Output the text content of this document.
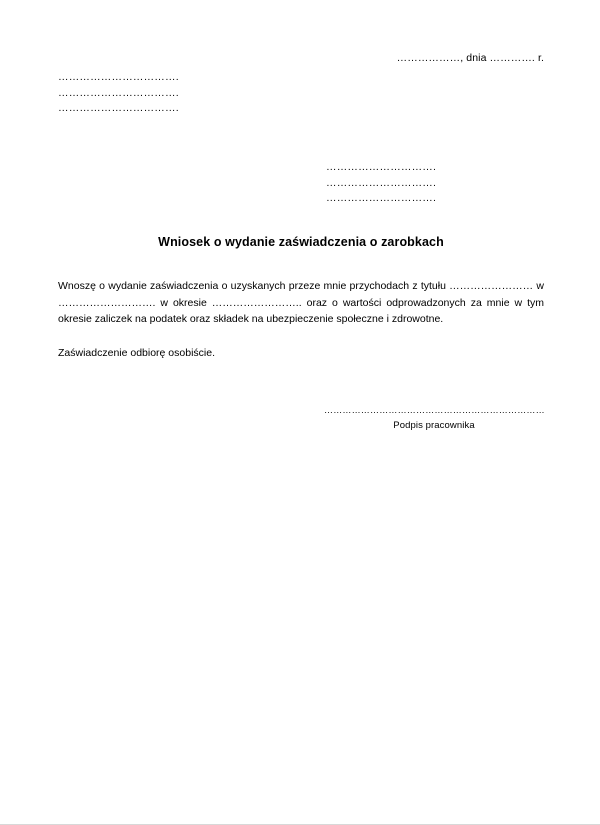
………………, dnia …………. r.
…………………………….
…………………………….
…………………………….
………………………….
………………………….
………………………….
Wniosek o wydanie zaświadczenia o zarobkach
Wnoszę o wydanie zaświadczenia o uzyskanych przeze mnie przychodach z tytułu …………………… w ………………………. w okresie …………………….. oraz o wartości odprowadzonych za mnie w tym okresie zaliczek na podatek oraz składek na ubezpieczenie społeczne i zdrowotne.
Zaświadczenie odbiorę osobiście.
………………………………………………………………
Podpis pracownika
